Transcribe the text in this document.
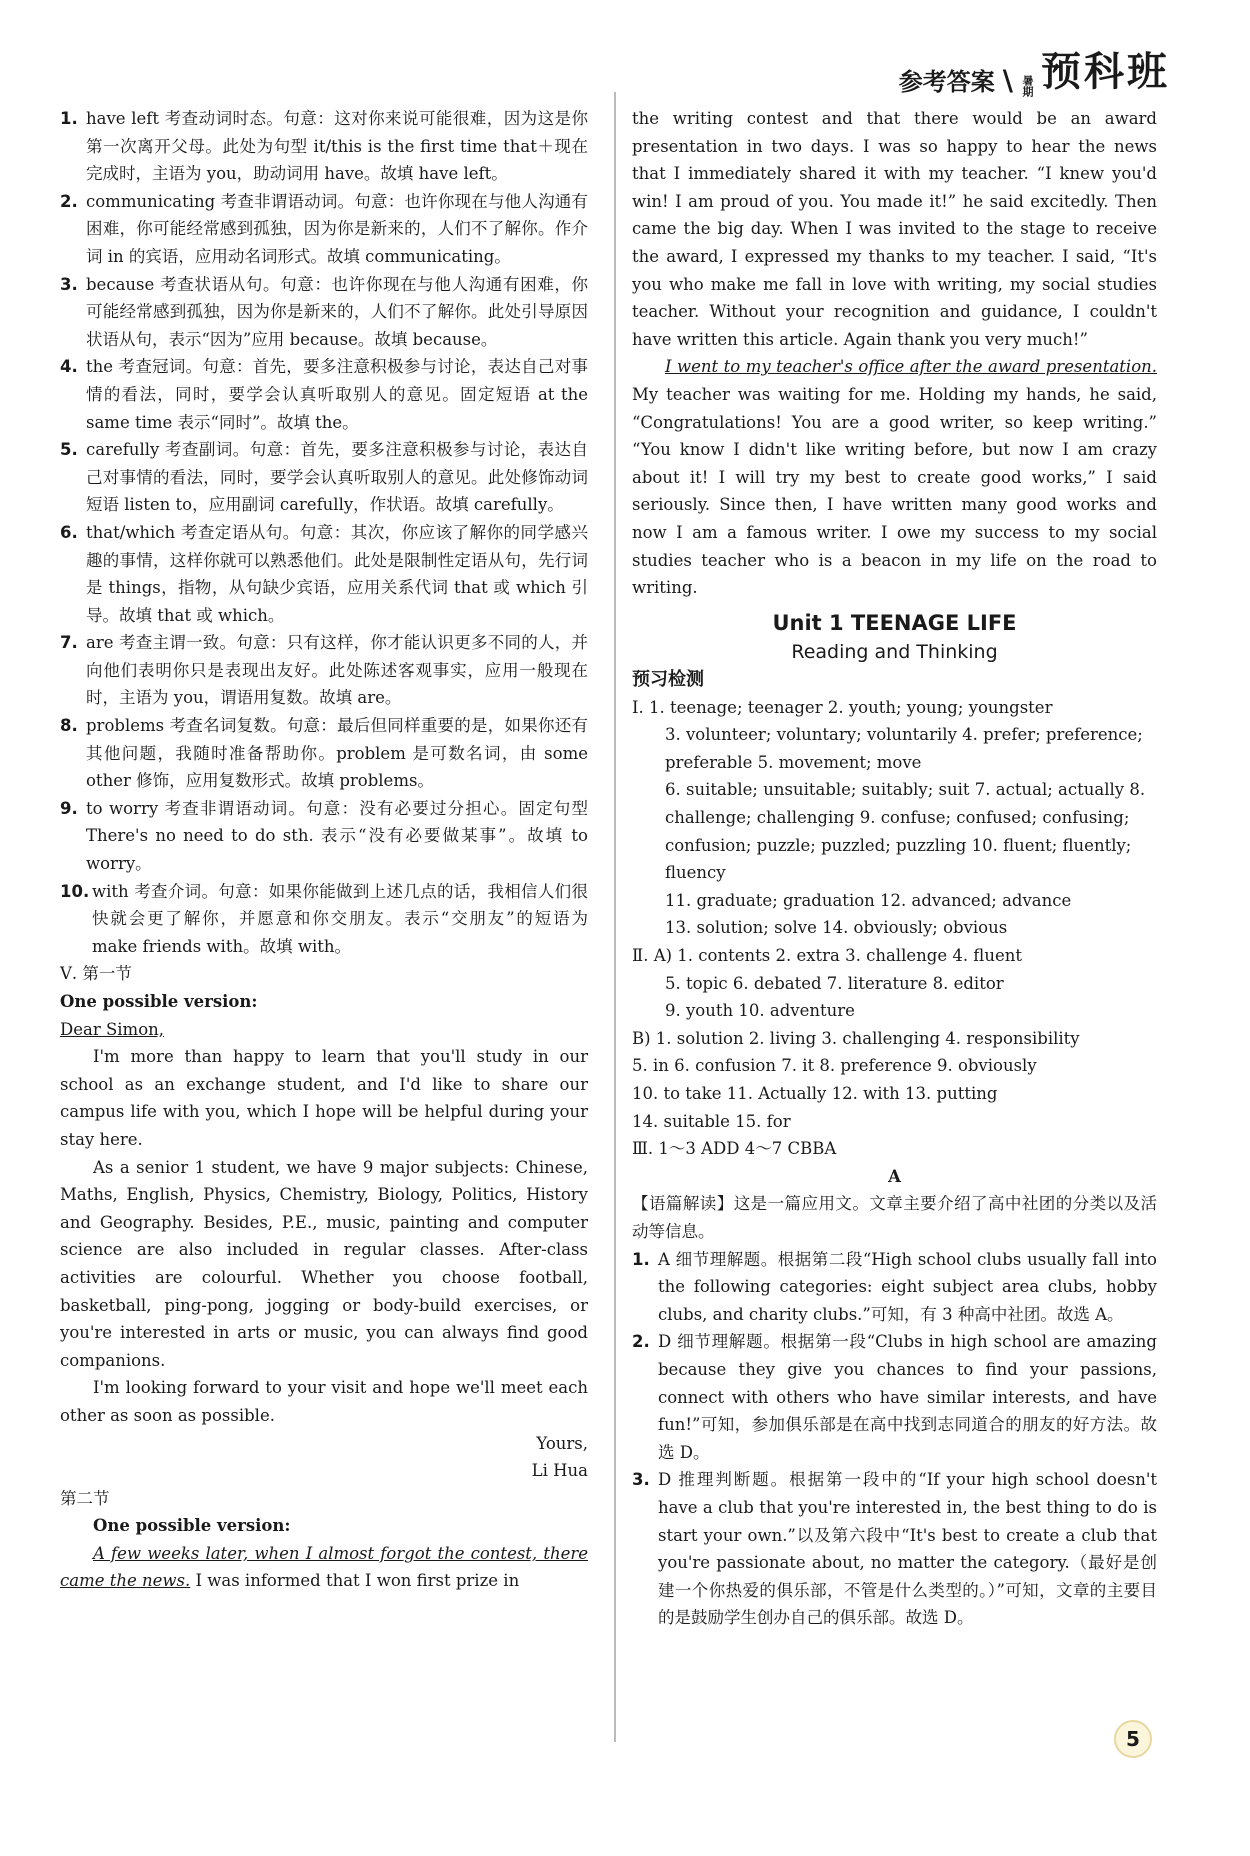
参考答案 \ 暑期 预科班
1. have left 考查动词时态。句意：这对你来说可能很难，因为这是你第一次离开父母。此处为句型 it/this is the first time that＋现在完成时，主语为 you，助动词用 have。故填 have left。
2. communicating 考查非谓语动词。句意：也许你现在与他人沟通有困难，你可能经常感到孤独，因为你是新来的，人们不了解你。作介词 in 的宾语，应用动名词形式。故填 communicating。
3. because 考查状语从句。句意：也许你现在与他人沟通有困难，你可能经常感到孤独，因为你是新来的，人们不了解你。此处引导原因状语从句，表示“因为”应用 because。故填 because。
4. the 考查冠词。句意：首先，要多注意积极参与讨论，表达自己对事情的看法，同时，要学会认真听取别人的意见。固定短语 at the same time 表示“同时”。故填 the。
5. carefully 考查副词。句意：首先，要多注意积极参与讨论，表达自己对事情的看法，同时，要学会认真听取别人的意见。此处修饰动词短语 listen to，应用副词 carefully，作状语。故填 carefully。
6. that/which 考查定语从句。句意：其次，你应该了解你的同学感兴趣的事情，这样你就可以熟悉他们。此处是限制性定语从句，先行词是 things，指物，从句缺少宾语，应用关系代词 that 或 which 引导。故填 that 或 which。
7. are 考查主谓一致。句意：只有这样，你才能认识更多不同的人，并向他们表明你只是表现出友好。此处陈述客观事实，应用一般现在时，主语为 you，谓语用复数。故填 are。
8. problems 考查名词复数。句意：最后但同样重要的是，如果你还有其他问题，我随时准备帮助你。problem 是可数名词，由 some other 修饰，应用复数形式。故填 problems。
9. to worry 考查非谓语动词。句意：没有必要过分担心。固定句型 There's no need to do sth. 表示“没有必要做某事”。故填 to worry。
10. with 考查介词。句意：如果你能做到上述几点的话，我相信人们很快就会更了解你，并愿意和你交朋友。表示“交朋友”的短语为 make friends with。故填 with。
Ⅴ. 第一节
One possible version:
Dear Simon,
I'm more than happy to learn that you'll study in our school as an exchange student, and I'd like to share our campus life with you, which I hope will be helpful during your stay here.
As a senior 1 student, we have 9 major subjects: Chinese, Maths, English, Physics, Chemistry, Biology, Politics, History and Geography. Besides, P.E., music, painting and computer science are also included in regular classes. After-class activities are colourful. Whether you choose football, basketball, ping-pong, jogging or body-build exercises, or you're interested in arts or music, you can always find good companions.
I'm looking forward to your visit and hope we'll meet each other as soon as possible.
Yours,
Li Hua
第二节
One possible version:
A few weeks later, when I almost forgot the contest, there came the news. I was informed that I won first prize in
the writing contest and that there would be an award presentation in two days. I was so happy to hear the news that I immediately shared it with my teacher. “I knew you'd win! I am proud of you. You made it!” he said excitedly. Then came the big day. When I was invited to the stage to receive the award, I expressed my thanks to my teacher. I said, “It's you who make me fall in love with writing, my social studies teacher. Without your recognition and guidance, I couldn't have written this article. Again thank you very much!”
I went to my teacher's office after the award presentation. My teacher was waiting for me. Holding my hands, he said, “Congratulations! You are a good writer, so keep writing.” “You know I didn't like writing before, but now I am crazy about it! I will try my best to create good works,” I said seriously. Since then, I have written many good works and now I am a famous writer. I owe my success to my social studies teacher who is a beacon in my life on the road to writing.
Unit 1 TEENAGE LIFE
Reading and Thinking
预习检测
Ⅰ. 1. teenage; teenager 2. youth; young; youngster
3. volunteer; voluntary; voluntarily 4. prefer; preference; preferable 5. movement; move
6. suitable; unsuitable; suitably; suit 7. actual; actually 8. challenge; challenging 9. confuse; confused; confusing; confusion; puzzle; puzzled; puzzling 10. fluent; fluently; fluency
11. graduate; graduation 12. advanced; advance
13. solution; solve 14. obviously; obvious
Ⅱ. A) 1. contents 2. extra 3. challenge 4. fluent
5. topic 6. debated 7. literature 8. editor
9. youth 10. adventure
B) 1. solution 2. living 3. challenging 4. responsibility
5. in 6. confusion 7. it 8. preference 9. obviously
10. to take 11. Actually 12. with 13. putting
14. suitable 15. for
Ⅲ. 1～3 ADD 4～7 CBBA
A
【语篇解读】这是一篇应用文。文章主要介绍了高中社团的分类以及活动等信息。
1. A 细节理解题。根据第二段“High school clubs usually fall into the following categories: eight subject area clubs, hobby clubs, and charity clubs.”可知，有 3 种高中社团。故选 A。
2. D 细节理解题。根据第一段“Clubs in high school are amazing because they give you chances to find your passions, connect with others who have similar interests, and have fun!”可知，参加俱乐部是在高中找到志同道合的朋友的好方法。故选 D。
3. D 推理判断题。根据第一段中的“If your high school doesn't have a club that you're interested in, the best thing to do is start your own.”以及第六段中“It's best to create a club that you're passionate about, no matter the category.（最好是创建一个你热爱的俱乐部，不管是什么类型的。）”可知，文章的主要目的是鼓励学生创办自己的俱乐部。故选 D。
5
